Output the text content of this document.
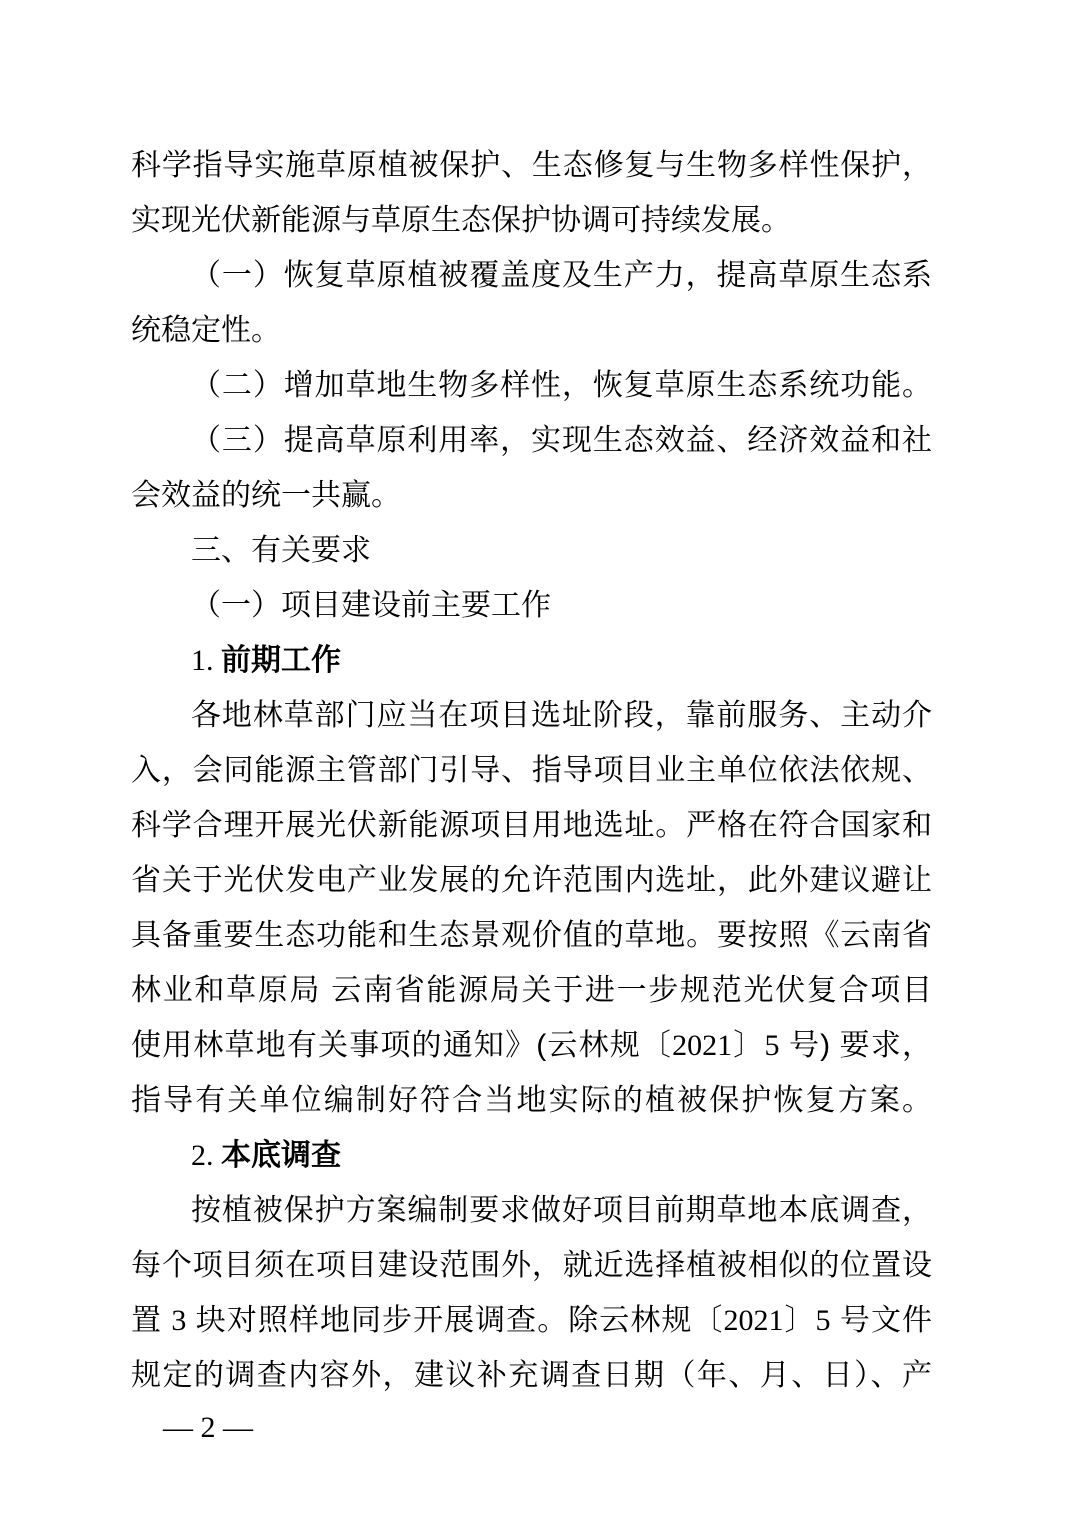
科学指导实施草原植被保护、生态修复与生物多样性保护，
实现光伏新能源与草原生态保护协调可持续发展。
（一）恢复草原植被覆盖度及生产力，提高草原生态系
统稳定性。
（二）增加草地生物多样性，恢复草原生态系统功能。
（三）提高草原利用率，实现生态效益、经济效益和社
会效益的统一共赢。
三、有关要求
（一）项目建设前主要工作
1. 前期工作
各地林草部门应当在项目选址阶段，靠前服务、主动介
入，会同能源主管部门引导、指导项目业主单位依法依规、
科学合理开展光伏新能源项目用地选址。严格在符合国家和
省关于光伏发电产业发展的允许范围内选址，此外建议避让
具备重要生态功能和生态景观价值的草地。要按照《云南省
林业和草原局 云南省能源局关于进一步规范光伏复合项目
使用林草地有关事项的通知》(云林规〔2021〕5 号) 要求，
指导有关单位编制好符合当地实际的植被保护恢复方案。
2. 本底调查
按植被保护方案编制要求做好项目前期草地本底调查，
每个项目须在项目建设范围外，就近选择植被相似的位置设
置 3 块对照样地同步开展调查。除云林规〔2021〕5 号文件
规定的调查内容外，建议补充调查日期（年、月、日）、产
— 2 —
